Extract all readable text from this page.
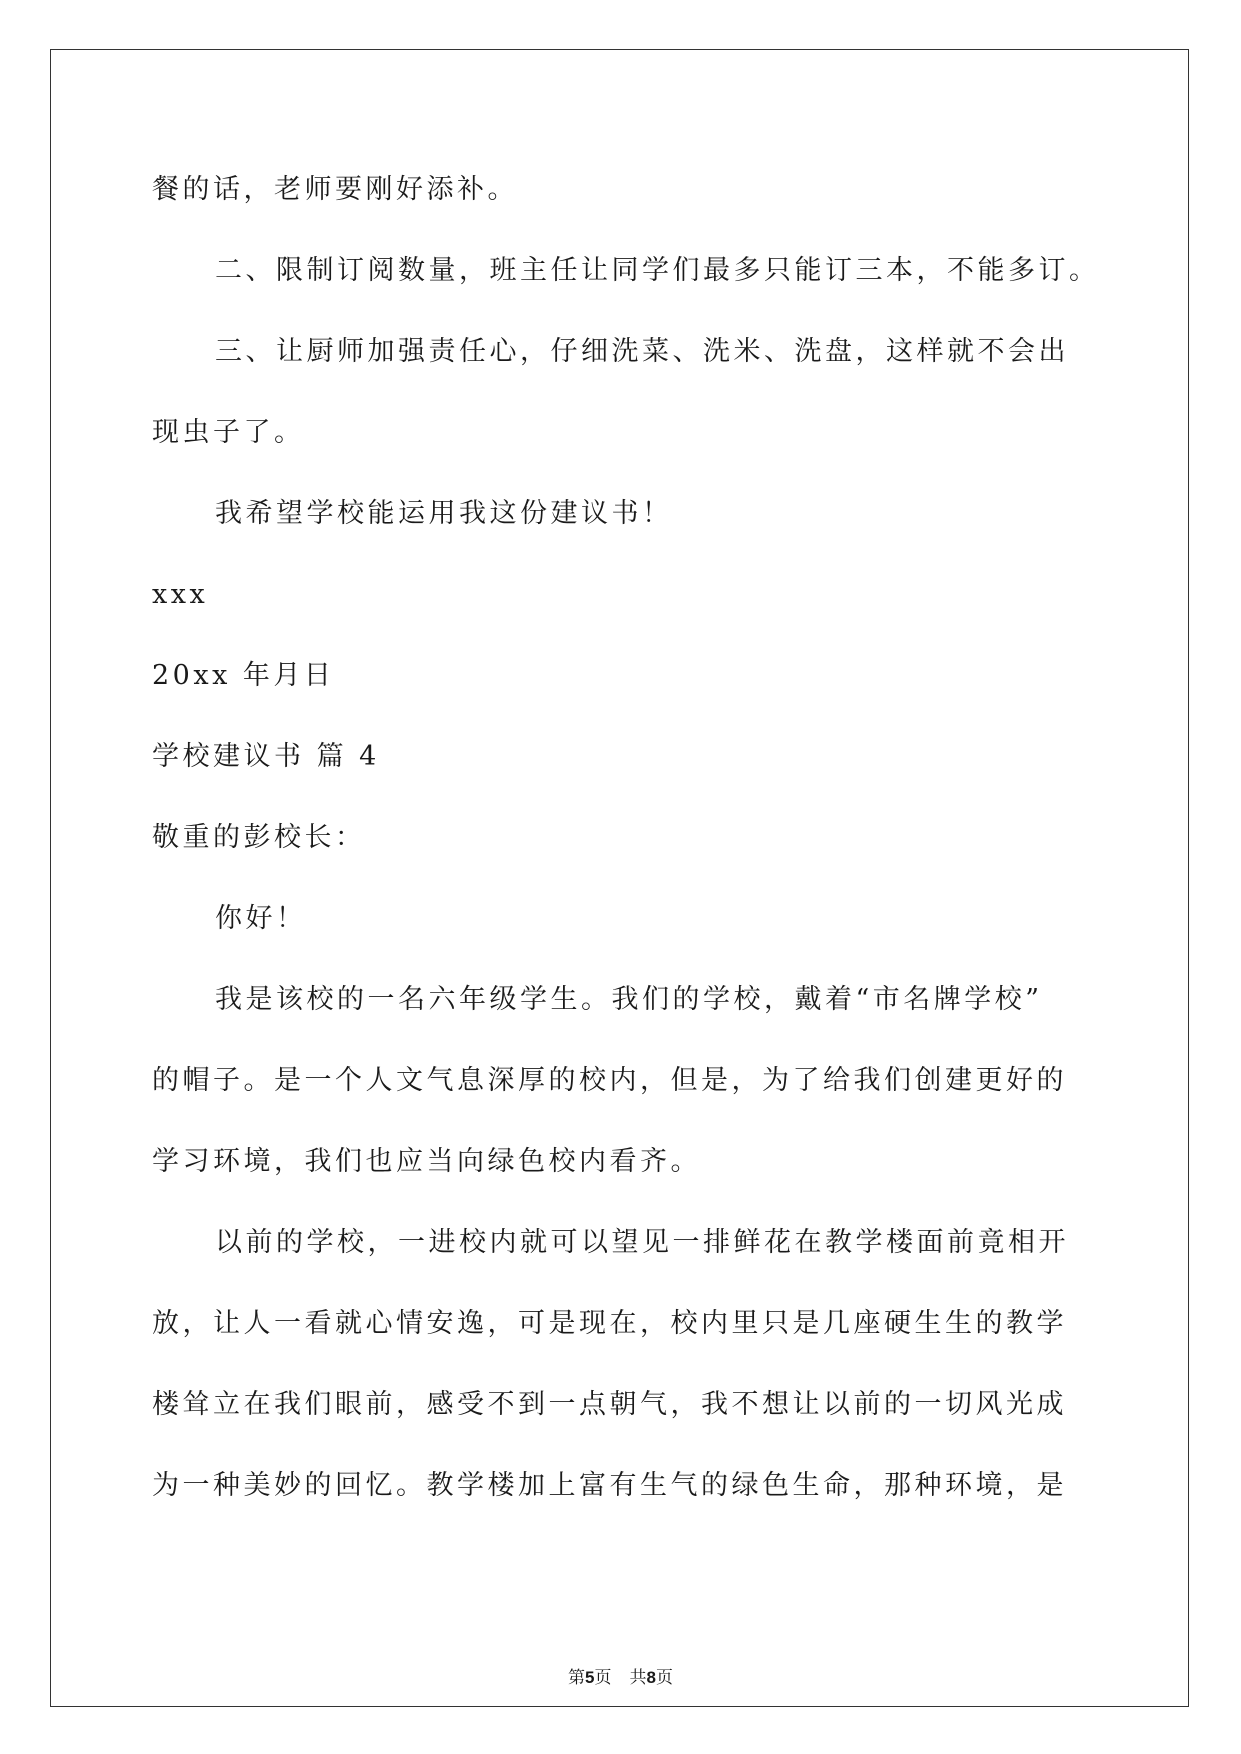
餐的话，老师要刚好添补。
二、限制订阅数量，班主任让同学们最多只能订三本，不能多订。
三、让厨师加强责任心，仔细洗菜、洗米、洗盘，这样就不会出
现虫子了。
我希望学校能运用我这份建议书！
xxx
20xx 年月日
学校建议书 篇 4
敬重的彭校长：
你好！
我是该校的一名六年级学生。我们的学校，戴着“市名牌学校”
的帽子。是一个人文气息深厚的校内，但是，为了给我们创建更好的
学习环境，我们也应当向绿色校内看齐。
以前的学校，一进校内就可以望见一排鲜花在教学楼面前竟相开
放，让人一看就心情安逸，可是现在，校内里只是几座硬生生的教学
楼耸立在我们眼前，感受不到一点朝气，我不想让以前的一切风光成
为一种美妙的回忆。教学楼加上富有生气的绿色生命，那种环境，是
第5页 共8页
